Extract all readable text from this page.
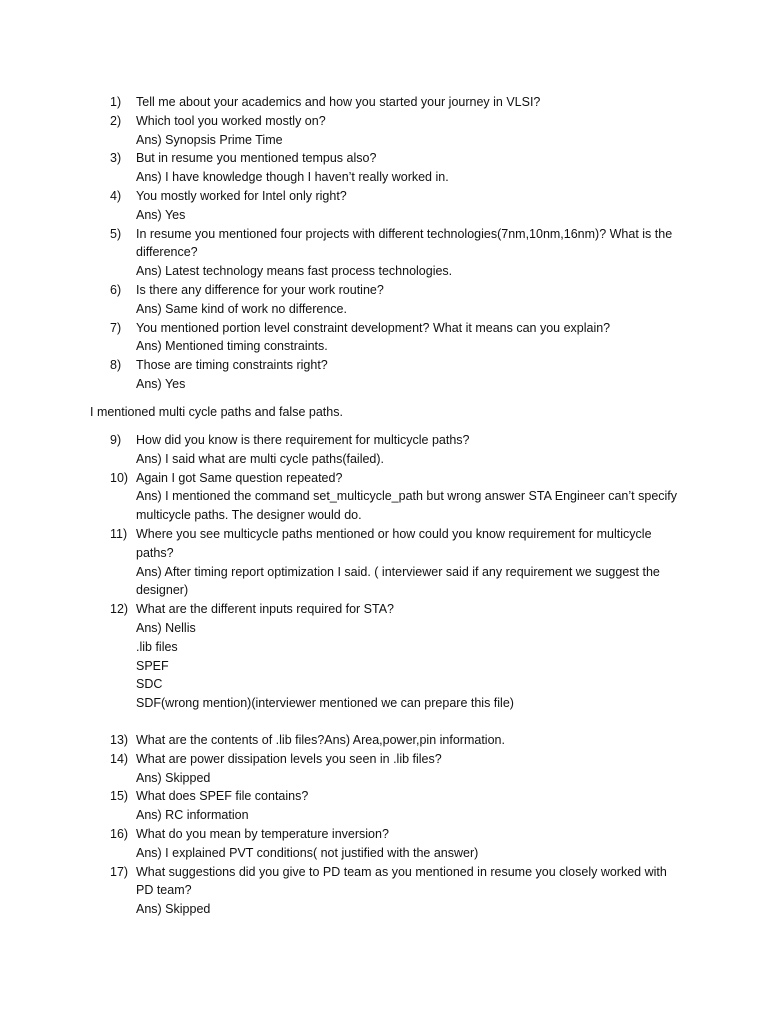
1) Tell me about your academics and how you started your journey in VLSI?
2) Which tool you worked mostly on?
Ans) Synopsis Prime Time
3) But in resume you mentioned tempus also?
Ans) I have knowledge though I haven’t really worked in.
4) You mostly worked for Intel only right?
Ans) Yes
5) In resume you mentioned four projects with different technologies(7nm,10nm,16nm)? What is the difference?
Ans) Latest technology means fast process technologies.
6) Is there any difference for your work routine?
Ans) Same kind of work no difference.
7) You mentioned portion level constraint development? What it means can you explain?
Ans) Mentioned timing constraints.
8) Those are timing constraints right?
Ans) Yes
I mentioned multi cycle paths and false paths.
9) How did you know is there requirement for multicycle paths?
Ans) I said what are multi cycle paths(failed).
10) Again I got Same question repeated?
Ans) I mentioned the command set_multicycle_path but wrong answer STA Engineer can’t specify multicycle paths. The designer would do.
11) Where you see multicycle paths mentioned or how could you know requirement for multicycle paths?
Ans) After timing report optimization I said. ( interviewer said if any requirement we suggest the designer)
12) What are the different inputs required for STA?
Ans) Nellis
.lib files
SPEF
SDC
SDF(wrong mention)(interviewer mentioned we can prepare this file)
13) What are the contents of .lib files?Ans) Area,power,pin information.
14) What are power dissipation levels you seen in .lib files?
Ans) Skipped
15) What does SPEF file contains?
Ans) RC information
16) What do you mean by temperature inversion?
Ans) I explained PVT conditions( not justified with the answer)
17) What suggestions did you give to PD team as you mentioned in resume you closely worked with PD team?
Ans) Skipped
